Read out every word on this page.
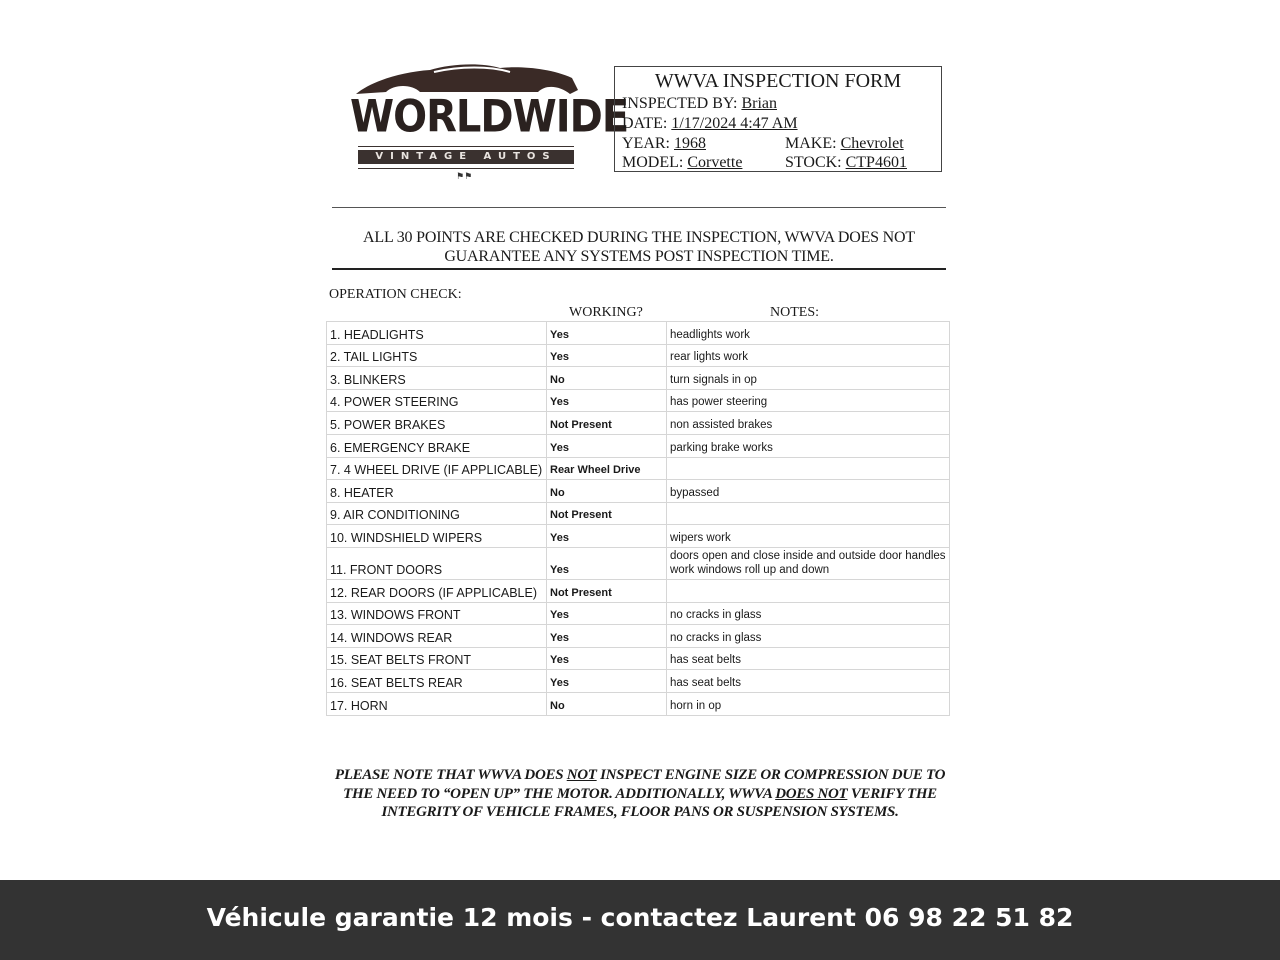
WORLDWIDE
VINTAGE AUTOS
⚑⚑
WWVA INSPECTION FORM
INSPECTED BY: Brian
DATE: 1/17/2024 4:47 AM
YEAR: 1968	MAKE: Chevrolet
MODEL: Corvette	STOCK: CTP4601
ALL 30 POINTS ARE CHECKED DURING THE INSPECTION, WWVA DOES NOT
GUARANTEE ANY SYSTEMS POST INSPECTION TIME.
OPERATION CHECK:
WORKING?	NOTES:
1. HEADLIGHTS	Yes	headlights work
2. TAIL LIGHTS	Yes	rear lights work
3. BLINKERS	No	turn signals in op
4. POWER STEERING	Yes	has power steering
5. POWER BRAKES	Not Present	non assisted brakes
6. EMERGENCY BRAKE	Yes	parking brake works
7. 4 WHEEL DRIVE (IF APPLICABLE)	Rear Wheel Drive	
8. HEATER	No	bypassed
9. AIR CONDITIONING	Not Present	
10. WINDSHIELD WIPERS	Yes	wipers work
11. FRONT DOORS	Yes	doors open and close inside and outside door handles work windows roll up and down
12. REAR DOORS (IF APPLICABLE)	Not Present	
13. WINDOWS FRONT	Yes	no cracks in glass
14. WINDOWS REAR	Yes	no cracks in glass
15. SEAT BELTS FRONT	Yes	has seat belts
16. SEAT BELTS REAR	Yes	has seat belts
17. HORN	No	horn in op
PLEASE NOTE THAT WWVA DOES NOT INSPECT ENGINE SIZE OR COMPRESSION DUE TO
THE NEED TO “OPEN UP” THE MOTOR. ADDITIONALLY, WWVA DOES NOT VERIFY THE
INTEGRITY OF VEHICLE FRAMES, FLOOR PANS OR SUSPENSION SYSTEMS.
Véhicule garantie 12 mois - contactez Laurent 06 98 22 51 82
